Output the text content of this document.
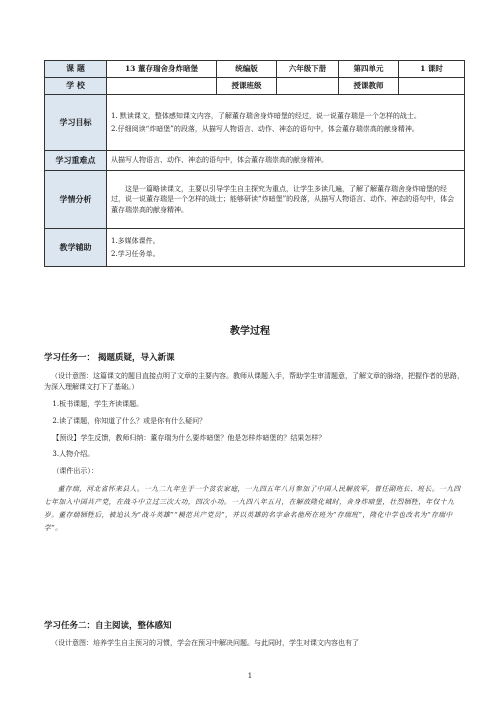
课 题	13 董存瑞舍身炸暗堡	统编版	六年级下册	第四单元	1 课时
学 校		授课班级		授课教师	
学习目标	1. 默读课文，整体感知课文内容，了解董存瑞舍身炸暗堡的经过，说一说董存瑞是一个怎样的战士。

2.仔细阅读“炸暗堡”的段落，从描写人物语言、动作、神态的语句中，体会董存瑞崇高的献身精神。				

学习重难点	从描写人物语言、动作、神态的语句中，体会董存瑞崇高的献身精神。				
学情分析	这是一篇略读课文，主要以引导学生自主探究为重点，让学生多读几遍，了解了解董存瑞舍身炸暗堡的经过，说一说董存瑞是一个怎样的战士；能够研读“炸暗堡”的段落，从描写人物语言、动作、神态的语句中，体会董存瑞崇高的献身精神。				

教学辅助	1.多媒体课件。

2.学习任务单。				

教学过程

学习任务一： 揭题质疑，导入新课

（设计意图：这篇课文的题目直接点明了文章的主要内容。教师从课题入手，帮助学生审清题意，了解文章的脉络，把握作者的思路，为深入理解课文打下了基础。）

1.板书课题，学生齐读课题。

2.读了课题，你知道了什么？或是你有什么疑问？

【预设】学生反馈，教师归纳：董存瑞为什么要炸暗堡？他是怎样炸暗堡的？结果怎样？

3.人物介绍。

（课件出示）：

董存瑞，河北省怀来县人。一九二九年生于一个贫农家庭，一九四五年八月参加了中国人民解放军，曾任副班长、班长。一九四七年加入中国共产党，在战斗中立过三次大功，四次小功。一九四八年五月，在解放隆化城时，舍身炸暗堡，壮烈牺牲，年仅十九岁。董存瑞牺牲后，被追认为“战斗英雄”“模范共产党员”，并以英雄的名字命名他所在班为“存瑞班”，隆化中学也改名为“存瑞中学”。

学习任务二：自主阅读，整体感知

（设计意图：培养学生自主预习的习惯，学会在预习中解决问题。与此同时，学生对课文内容也有了

1
